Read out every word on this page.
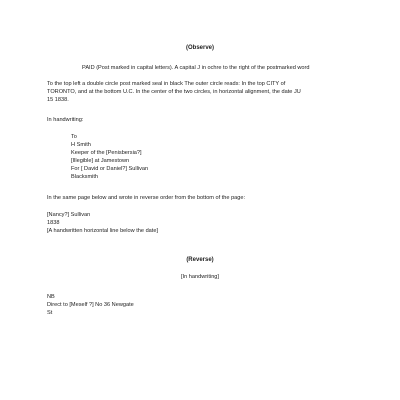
(Observe)
PAID (Post marked in capital letters). A capital J in ochre to the right of the postmarked word
To the top left a double circle post marked seal in black The outer circle reads: In the top CITY of
TORONTO, and at the bottom U.C. In the center of the two circles, in horizontal alignment, the date JU
15 1838.
In handwriting:
To
H Smith
Keeper of the [Penisbersia?]
[Illegible] at Jamestown
For [ David or Daniel?] Sullivan
Blacksmith
In the same page below and wrote in reverse order from the bottom of the page:
[Nancy?] Sullivan
1838
[A handwritten horizontal line below the date]
(Reverse)
[In handwriting]
NB
Direct to [Meself ?] No 36 Newgate
St
